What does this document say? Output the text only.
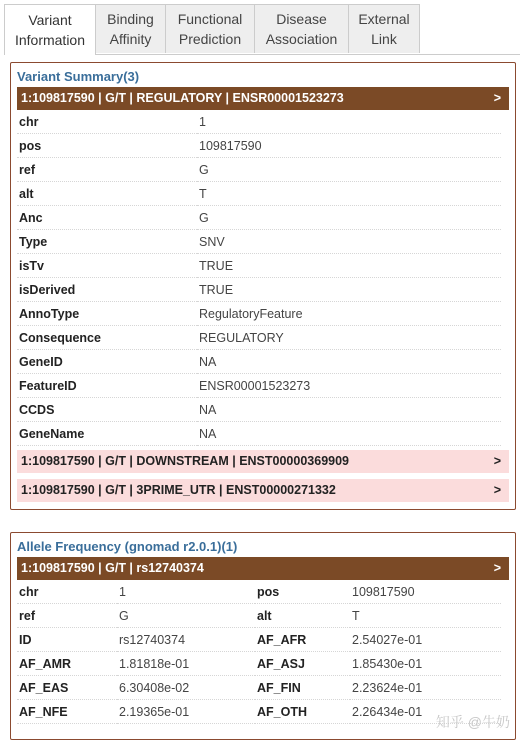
Variant
Information
Binding
Affinity
Functional
Prediction
Disease
Association
External
Link
Variant Summary(3)
1:109817590 | G/T | REGULATORY | ENSR00001523273	>
chr	1
pos	109817590
ref	G
alt	T
Anc	G
Type	SNV
isTv	TRUE
isDerived	TRUE
AnnoType	RegulatoryFeature
Consequence	REGULATORY
GeneID	NA
FeatureID	ENSR00001523273
CCDS	NA
GeneName	NA
1:109817590 | G/T | DOWNSTREAM | ENST00000369909	>
1:109817590 | G/T | 3PRIME_UTR | ENST00000271332	>
Allele Frequency (gnomad r2.0.1)(1)
1:109817590 | G/T | rs12740374	>
chr	1	pos	109817590
ref	G	alt	T
ID	rs12740374	AF_AFR	2.54027e-01
AF_AMR	1.81818e-01	AF_ASJ	1.85430e-01
AF_EAS	6.30408e-02	AF_FIN	2.23624e-01
AF_NFE	2.19365e-01	AF_OTH	2.26434e-01
知乎 @牛奶
